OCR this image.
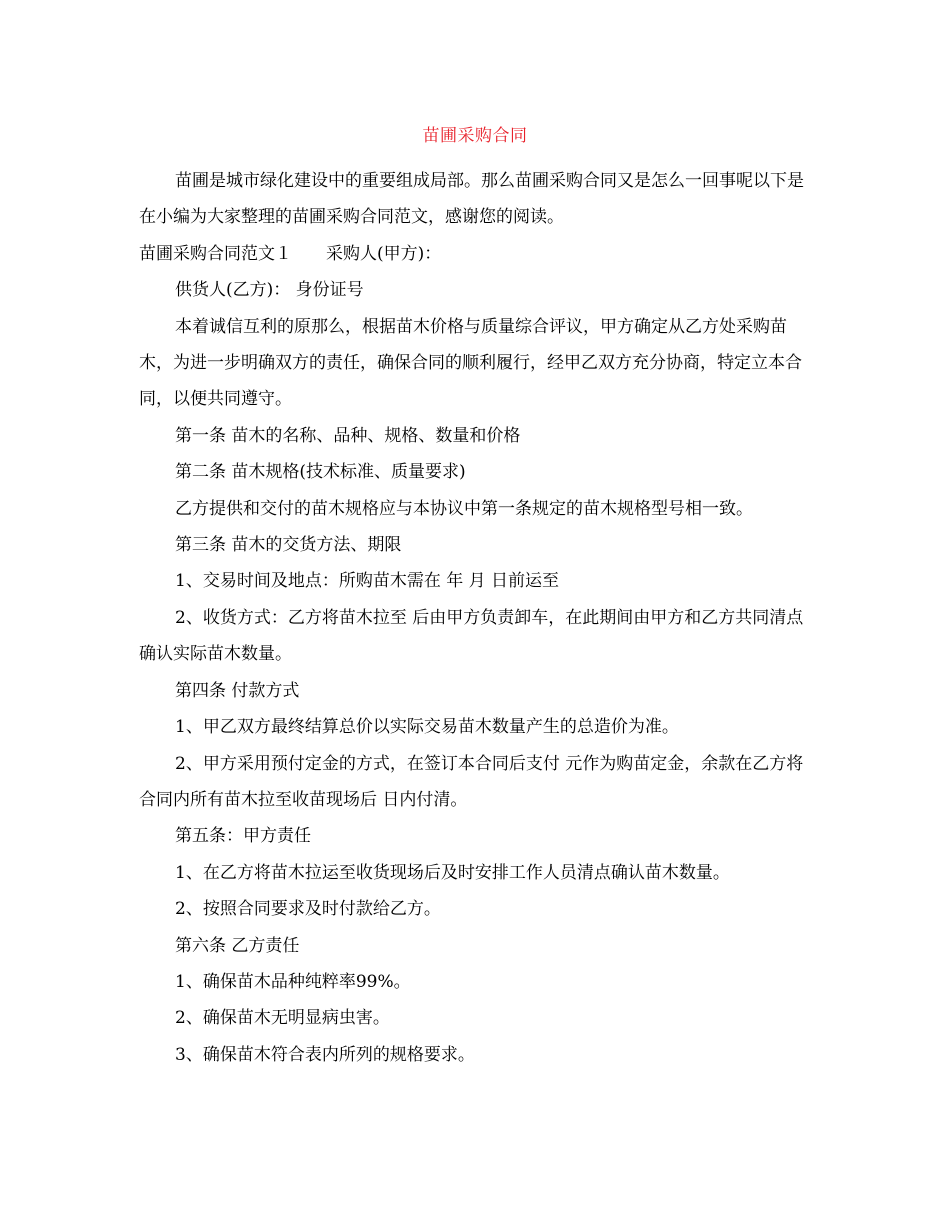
苗圃采购合同

苗圃是城市绿化建设中的重要组成局部。那么苗圃采购合同又是怎么一回事呢以下是在小编为大家整理的苗圃采购合同范文，感谢您的阅读。

苗圃采购合同范文１ 采购人(甲方)：

供货人(乙方)： 身份证号

本着诚信互利的原那么，根据苗木价格与质量综合评议，甲方确定从乙方处采购苗木，为进一步明确双方的责任，确保合同的顺利履行，经甲乙双方充分协商，特定立本合同，以便共同遵守。

第一条 苗木的名称、品种、规格、数量和价格

第二条 苗木规格(技术标准、质量要求)

乙方提供和交付的苗木规格应与本协议中第一条规定的苗木规格型号相一致。

第三条 苗木的交货方法、期限

1、交易时间及地点：所购苗木需在 年 月 日前运至

2、收货方式：乙方将苗木拉至 后由甲方负责卸车，在此期间由甲方和乙方共同清点确认实际苗木数量。

第四条 付款方式

1、甲乙双方最终结算总价以实际交易苗木数量产生的总造价为准。

2、甲方采用预付定金的方式，在签订本合同后支付 元作为购苗定金，余款在乙方将合同内所有苗木拉至收苗现场后 日内付清。

第五条：甲方责任

1、在乙方将苗木拉运至收货现场后及时安排工作人员清点确认苗木数量。

2、按照合同要求及时付款给乙方。

第六条 乙方责任

1、确保苗木品种纯粹率99%。

2、确保苗木无明显病虫害。

3、确保苗木符合表内所列的规格要求。
